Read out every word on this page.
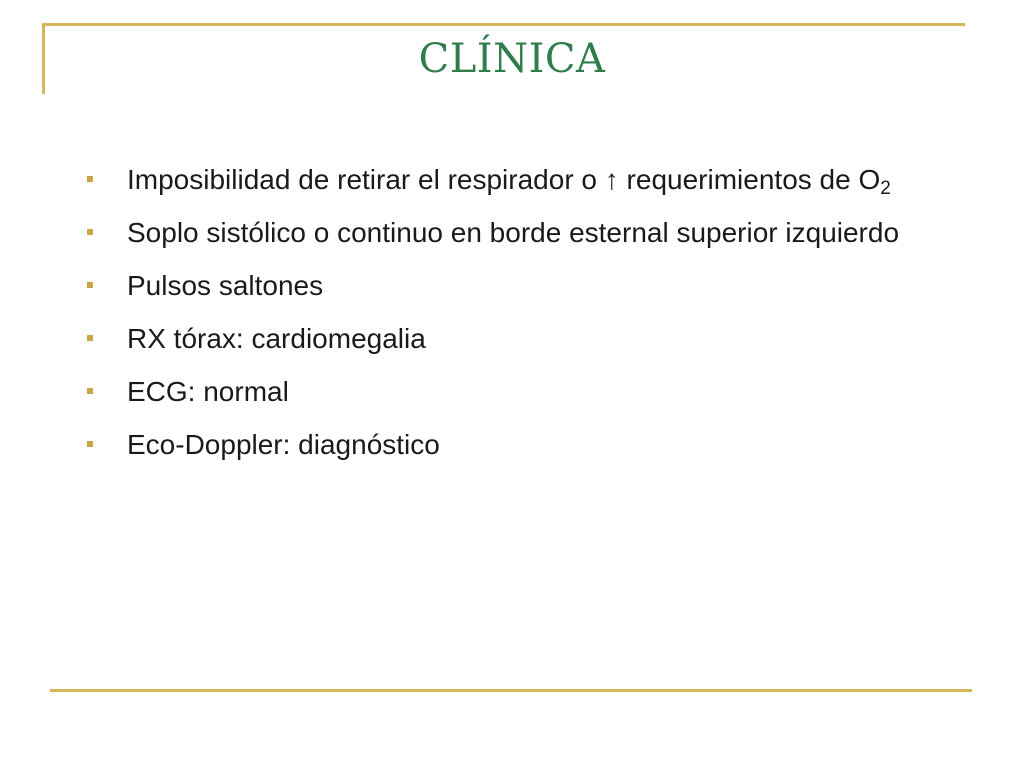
CLÍNICA
Imposibilidad de retirar el respirador o ↑ requerimientos de $O_2$
Soplo sistólico o continuo en borde esternal superior izquierdo
Pulsos saltones
RX tórax: cardiomegalia
ECG: normal
Eco-Doppler: diagnóstico
